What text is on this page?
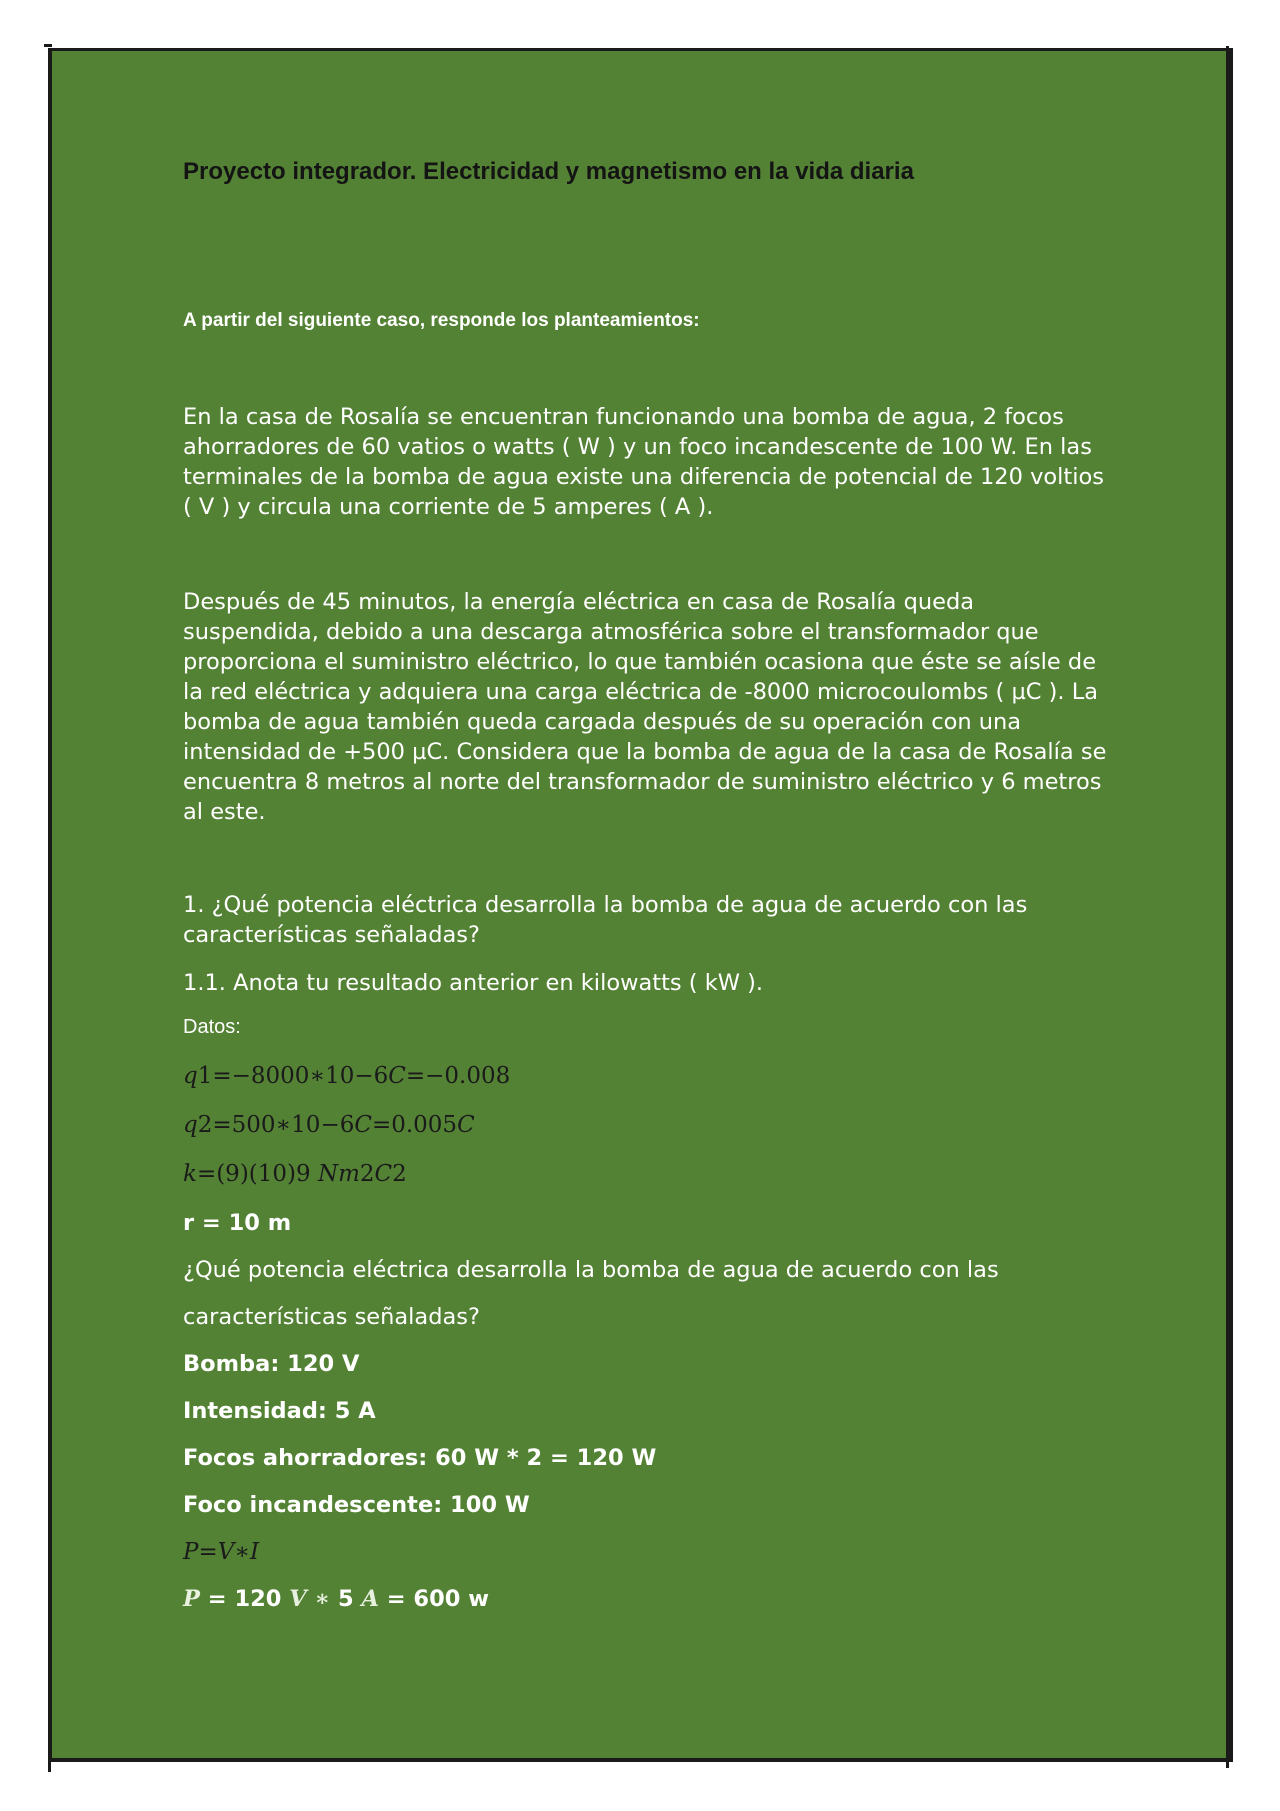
Proyecto integrador. Electricidad y magnetismo en la vida diaria

A partir del siguiente caso, responde los planteamientos:

En la casa de Rosalía se encuentran funcionando una bomba de agua, 2 focos ahorradores de 60 vatios o watts ( W ) y un foco incandescente de 100 W. En las terminales de la bomba de agua existe una diferencia de potencial de 120 voltios ( V ) y circula una corriente de 5 amperes ( A ).

Después de 45 minutos, la energía eléctrica en casa de Rosalía queda suspendida, debido a una descarga atmosférica sobre el transformador que proporciona el suministro eléctrico, lo que también ocasiona que éste se aísle de la red eléctrica y adquiera una carga eléctrica de -8000 microcoulombs ( µC ). La bomba de agua también queda cargada después de su operación con una intensidad de +500 µC. Considera que la bomba de agua de la casa de Rosalía se encuentra 8 metros al norte del transformador de suministro eléctrico y 6 metros al este.

1. ¿Qué potencia eléctrica desarrolla la bomba de agua de acuerdo con las características señaladas?

1.1. Anota tu resultado anterior en kilowatts ( kW ).

Datos:

q1=−8000∗10−6C=−0.008

q2=500∗10−6C=0.005C

k=(9)(10)9 Nm2C2

r = 10 m

¿Qué potencia eléctrica desarrolla la bomba de agua de acuerdo con las

características señaladas?

Bomba: 120 V

Intensidad: 5 A

Focos ahorradores: 60 W * 2 = 120 W

Foco incandescente: 100 W

P=V∗I

P = 120 V ∗ 5 A = 600 w
